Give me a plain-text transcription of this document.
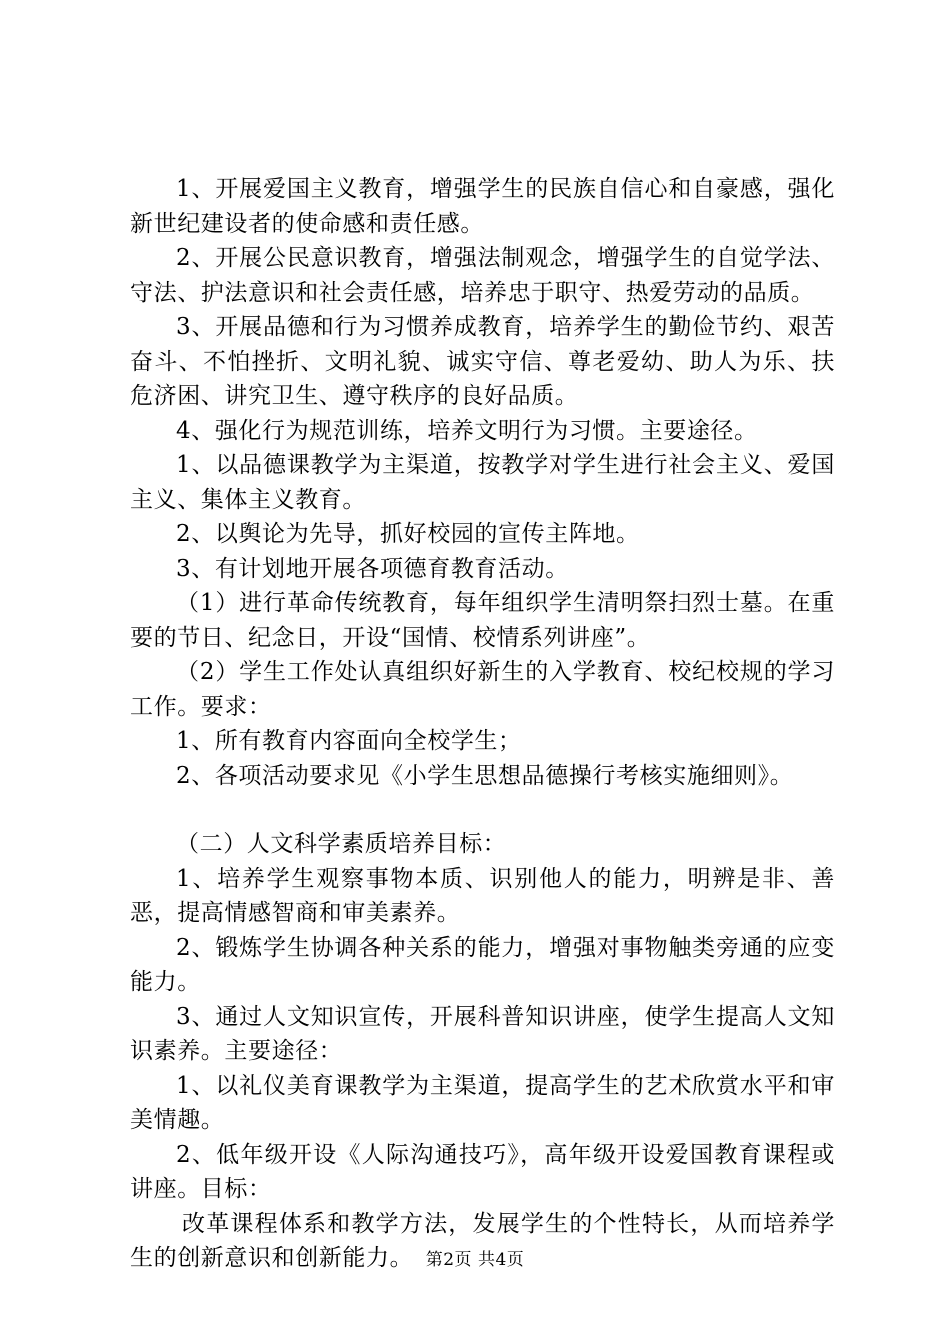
1、开展爱国主义教育，增强学生的民族自信心和自豪感，强化新世纪建设者的使命感和责任感。

2、开展公民意识教育，增强法制观念，增强学生的自觉学法、守法、护法意识和社会责任感，培养忠于职守、热爱劳动的品质。

3、开展品德和行为习惯养成教育，培养学生的勤俭节约、艰苦奋斗、不怕挫折、文明礼貌、诚实守信、尊老爱幼、助人为乐、扶危济困、讲究卫生、遵守秩序的良好品质。

4、强化行为规范训练，培养文明行为习惯。主要途径。

1、以品德课教学为主渠道，按教学对学生进行社会主义、爱国主义、集体主义教育。

2、以舆论为先导，抓好校园的宣传主阵地。

3、有计划地开展各项德育教育活动。

（1）进行革命传统教育，每年组织学生清明祭扫烈士墓。在重要的节日、纪念日，开设“国情、校情系列讲座”。

（2）学生工作处认真组织好新生的入学教育、校纪校规的学习工作。要求：

1、所有教育内容面向全校学生；

2、各项活动要求见《小学生思想品德操行考核实施细则》。

（二）人文科学素质培养目标：

1、培养学生观察事物本质、识别他人的能力，明辨是非、善恶，提高情感智商和审美素养。

2、锻炼学生协调各种关系的能力，增强对事物触类旁通的应变能力。

3、通过人文知识宣传，开展科普知识讲座，使学生提高人文知识素养。主要途径：

1、以礼仪美育课教学为主渠道，提高学生的艺术欣赏水平和审美情趣。

2、低年级开设《人际沟通技巧》，高年级开设爱国教育课程或讲座。目标：

改革课程体系和教学方法，发展学生的个性特长，从而培养学生的创新意识和创新能力。 第2页 共4页
